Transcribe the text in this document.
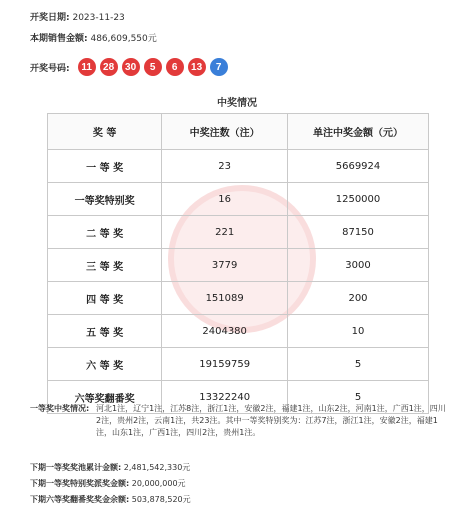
开奖日期: 2023-11-23
本期销售金额: 486,609,550元
开奖号码:	11	28	30	5	6	13	7
中奖情况
奖 等	中奖注数（注）	单注中奖金额（元）
一 等 奖	23	5669924
一等奖特别奖	16	1250000
二 等 奖	221	87150
三 等 奖	3779	3000
四 等 奖	151089	200
五 等 奖	2404380	10
六 等 奖	19159759	5
六等奖翻番奖	13322240	5
一等奖中奖情况: 河北1注，辽宁1注，江苏8注，浙江1注，安徽2注，福建1注，山东2注，河南1注，广西1注，四川2注，贵州2注，云南1注，共23注。其中一等奖特别奖为：江苏7注，浙江1注，安徽2注，福建1注，山东1注，广西1注，四川2注，贵州1注。
下期一等奖奖池累计金额: 2,481,542,330元
下期一等奖特别奖派奖金额: 20,000,000元
下期六等奖翻番奖奖金余额: 503,878,520元
